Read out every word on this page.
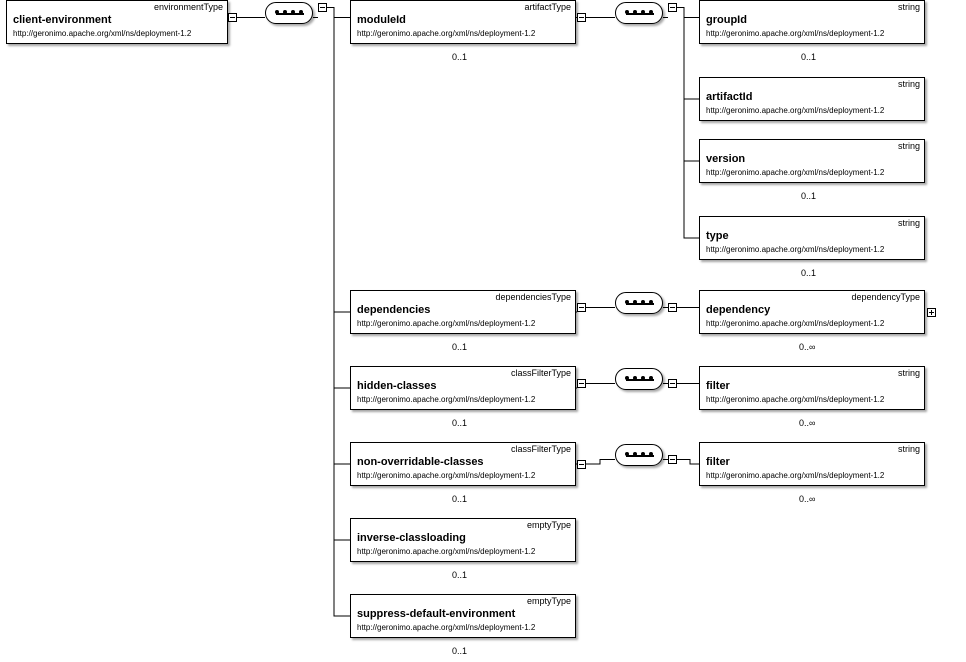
environmentType
client-environment
http://geronimo.apache.org/xml/ns/deployment-1.2
artifactType
moduleId
http://geronimo.apache.org/xml/ns/deployment-1.2
0..1
string
groupId
http://geronimo.apache.org/xml/ns/deployment-1.2
0..1
string
artifactId
http://geronimo.apache.org/xml/ns/deployment-1.2
string
version
http://geronimo.apache.org/xml/ns/deployment-1.2
0..1
string
type
http://geronimo.apache.org/xml/ns/deployment-1.2
0..1
dependenciesType
dependencies
http://geronimo.apache.org/xml/ns/deployment-1.2
0..1
dependencyType
dependency
http://geronimo.apache.org/xml/ns/deployment-1.2
0..∞
classFilterType
hidden-classes
http://geronimo.apache.org/xml/ns/deployment-1.2
0..1
string
filter
http://geronimo.apache.org/xml/ns/deployment-1.2
0..∞
classFilterType
non-overridable-classes
http://geronimo.apache.org/xml/ns/deployment-1.2
0..1
string
filter
http://geronimo.apache.org/xml/ns/deployment-1.2
0..∞
emptyType
inverse-classloading
http://geronimo.apache.org/xml/ns/deployment-1.2
0..1
emptyType
suppress-default-environment
http://geronimo.apache.org/xml/ns/deployment-1.2
0..1
